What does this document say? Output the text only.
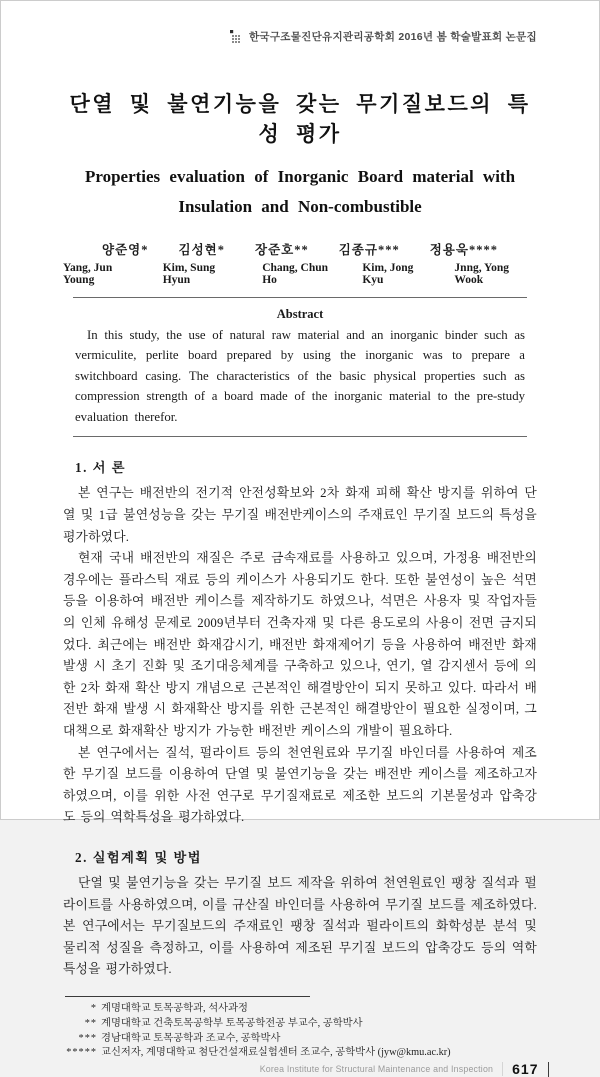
한국구조물진단유지관리공학회 2016년 봄 학술발표회 논문집
단열 및 불연기능을 갖는 무기질보드의 특성 평가
Properties evaluation of Inorganic Board material with
Insulation and Non-combustible
양준영* 김성현* 장준호** 김종규*** 정용욱****
Yang, Jun Young
Kim, Sung Hyun
Chang, Chun Ho
Kim, Jong Kyu
Jnng, Yong Wook
Abstract

In this study, the use of natural raw material and an inorganic binder such as vermiculite, perlite board prepared by using the inorganic was to prepare a switchboard casing. The characteristics of the basic physical properties such as compression strength of a board made of the inorganic material to the pre-study evaluation therefor.

1. 서 론

본 연구는 배전반의 전기적 안전성확보와 2차 화재 피해 확산 방지를 위하여 단열 및 1급 불연성능을 갖는 무기질 배전반케이스의 주재료인 무기질 보드의 특성을 평가하였다.

현재 국내 배전반의 재질은 주로 금속재료를 사용하고 있으며, 가정용 배전반의 경우에는 플라스틱 재료 등의 케이스가 사용되기도 한다. 또한 불연성이 높은 석면 등을 이용하여 배전반 케이스를 제작하기도 하였으나, 석면은 사용자 및 작업자들의 인체 유해성 문제로 2009년부터 건축자재 및 다른 용도로의 사용이 전면 금지되었다. 최근에는 배전반 화재감시기, 배전반 화재제어기 등을 사용하여 배전반 화재 발생 시 초기 진화 및 조기대응체계를 구축하고 있으나, 연기, 열 감지센서 등에 의한 2차 화재 확산 방지 개념으로 근본적인 해결방안이 되지 못하고 있다. 따라서 배전반 화재 발생 시 화재확산 방지를 위한 근본적인 해결방안이 필요한 실정이며, 그 대책으로 화재확산 방지가 가능한 배전반 케이스의 개발이 필요하다.

본 연구에서는 질석, 펄라이트 등의 천연원료와 무기질 바인더를 사용하여 제조한 무기질 보드를 이용하여 단열 및 불연기능을 갖는 배전반 케이스를 제조하고자 하였으며, 이를 위한 사전 연구로 무기질재료로 제조한 보드의 기본물성과 압축강도 등의 역학특성을 평가하였다.

2. 실험계획 및 방법

단열 및 불연기능을 갖는 무기질 보드 제작을 위하여 천연원료인 팽창 질석과 펄라이트를 사용하였으며, 이를 규산질 바인더를 사용하여 무기질 보드를 제조하였다. 본 연구에서는 무기질보드의 주재료인 팽창 질석과 펄라이트의 화학성분 분석 및 물리적 성질을 측정하고, 이를 사용하여 제조된 무기질 보드의 압축강도 등의 역학특성을 평가하였다.

* 계명대학교 토목공학과, 석사과정
** 계명대학교 건축토목공학부 토목공학전공 부교수, 공학박사
*** 경남대학교 토목공학과 조교수, 공학박사
***** 교신저자, 계명대학교 첨단건설재료실험센터 조교수, 공학박사 (jyw@kmu.ac.kr)
Korea Institute for Structural Maintenance and Inspection 617
